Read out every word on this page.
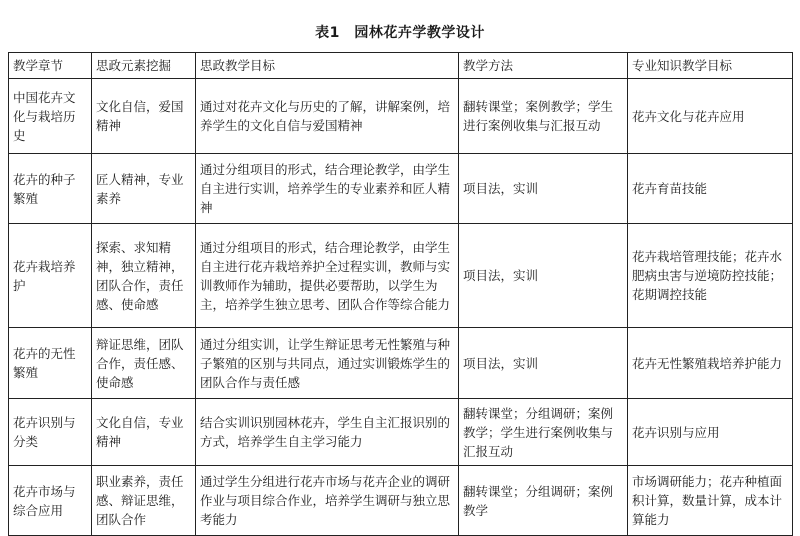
表1　园林花卉学教学设计
教学章节	思政元素挖掘	思政教学目标	教学方法	专业知识教学目标
中国花卉文化与栽培历史	文化自信，爱国精神	通过对花卉文化与历史的了解，讲解案例，培养学生的文化自信与爱国精神	翻转课堂；案例教学；学生进行案例收集与汇报互动	花卉文化与花卉应用
花卉的种子繁殖	匠人精神，专业素养	通过分组项目的形式，结合理论教学，由学生自主进行实训，培养学生的专业素养和匠人精神	项目法，实训	花卉育苗技能
花卉栽培养护	探索、求知精神，独立精神，团队合作，责任感、使命感	通过分组项目的形式，结合理论教学，由学生自主进行花卉栽培养护全过程实训，教师与实训教师作为辅助，提供必要帮助，以学生为主，培养学生独立思考、团队合作等综合能力	项目法，实训	花卉栽培管理技能；花卉水肥病虫害与逆境防控技能；花期调控技能
花卉的无性繁殖	辩证思维，团队合作，责任感、使命感	通过分组实训，让学生辩证思考无性繁殖与种子繁殖的区别与共同点，通过实训锻炼学生的团队合作与责任感	项目法，实训	花卉无性繁殖栽培养护能力
花卉识别与分类	文化自信，专业精神	结合实训识别园林花卉，学生自主汇报识别的方式，培养学生自主学习能力	翻转课堂；分组调研；案例教学；学生进行案例收集与汇报互动	花卉识别与应用
花卉市场与综合应用	职业素养，责任感、辩证思维，团队合作	通过学生分组进行花卉市场与花卉企业的调研作业与项目综合作业，培养学生调研与独立思考能力	翻转课堂；分组调研；案例教学	市场调研能力；花卉种植面积计算，数量计算，成本计算能力
